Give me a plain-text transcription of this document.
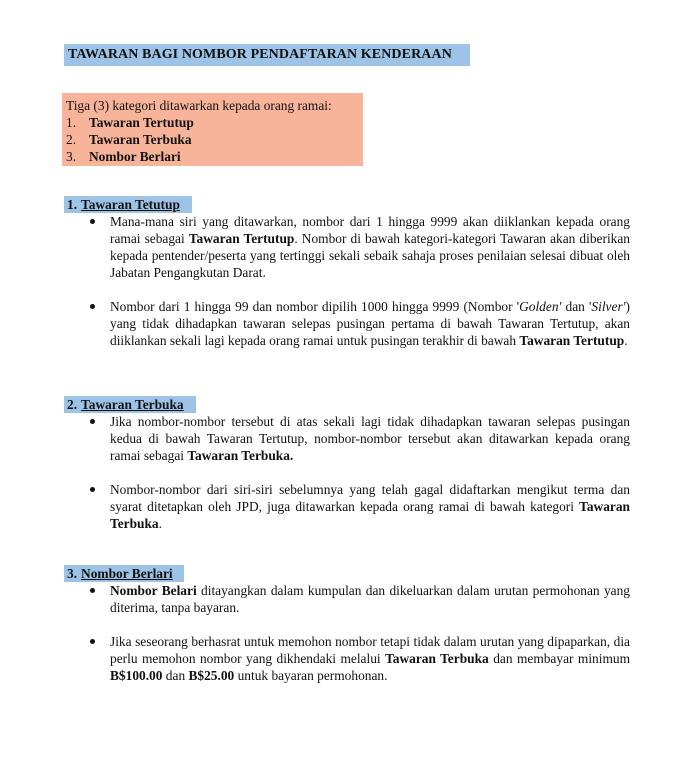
TAWARAN BAGI NOMBOR PENDAFTARAN KENDERAAN

Tiga (3) kategori ditawarkan kepada orang ramai:

1. Tawaran Tertutup
2. Tawaran Terbuka
3. Nombor Berlari
1. Tawaran Tetutup
Mana-mana siri yang ditawarkan, nombor dari 1 hingga 9999 akan diiklankan kepada orang ramai sebagai Tawaran Tertutup. Nombor di bawah kategori-kategori Tawaran akan diberikan kepada pentender/peserta yang tertinggi sekali sebaik sahaja proses penilaian selesai dibuat oleh Jabatan Pengangkutan Darat.
Nombor dari 1 hingga 99 dan nombor dipilih 1000 hingga 9999 (Nombor 'Golden' dan 'Silver') yang tidak dihadapkan tawaran selepas pusingan pertama di bawah Tawaran Tertutup, akan diiklankan sekali lagi kepada orang ramai untuk pusingan terakhir di bawah Tawaran Tertutup.
2. Tawaran Terbuka
Jika nombor-nombor tersebut di atas sekali lagi tidak dihadapkan tawaran selepas pusingan kedua di bawah Tawaran Tertutup, nombor-nombor tersebut akan ditawarkan kepada orang ramai sebagai Tawaran Terbuka.
Nombor-nombor dari siri-siri sebelumnya yang telah gagal didaftarkan mengikut terma dan syarat ditetapkan oleh JPD, juga ditawarkan kepada orang ramai di bawah kategori Tawaran Terbuka.
3. Nombor Berlari
Nombor Belari ditayangkan dalam kumpulan dan dikeluarkan dalam urutan permohonan yang diterima, tanpa bayaran.
Jika seseorang berhasrat untuk memohon nombor tetapi tidak dalam urutan yang dipaparkan, dia perlu memohon nombor yang dikhendaki melalui Tawaran Terbuka dan membayar minimum B$100.00 dan B$25.00 untuk bayaran permohonan.
